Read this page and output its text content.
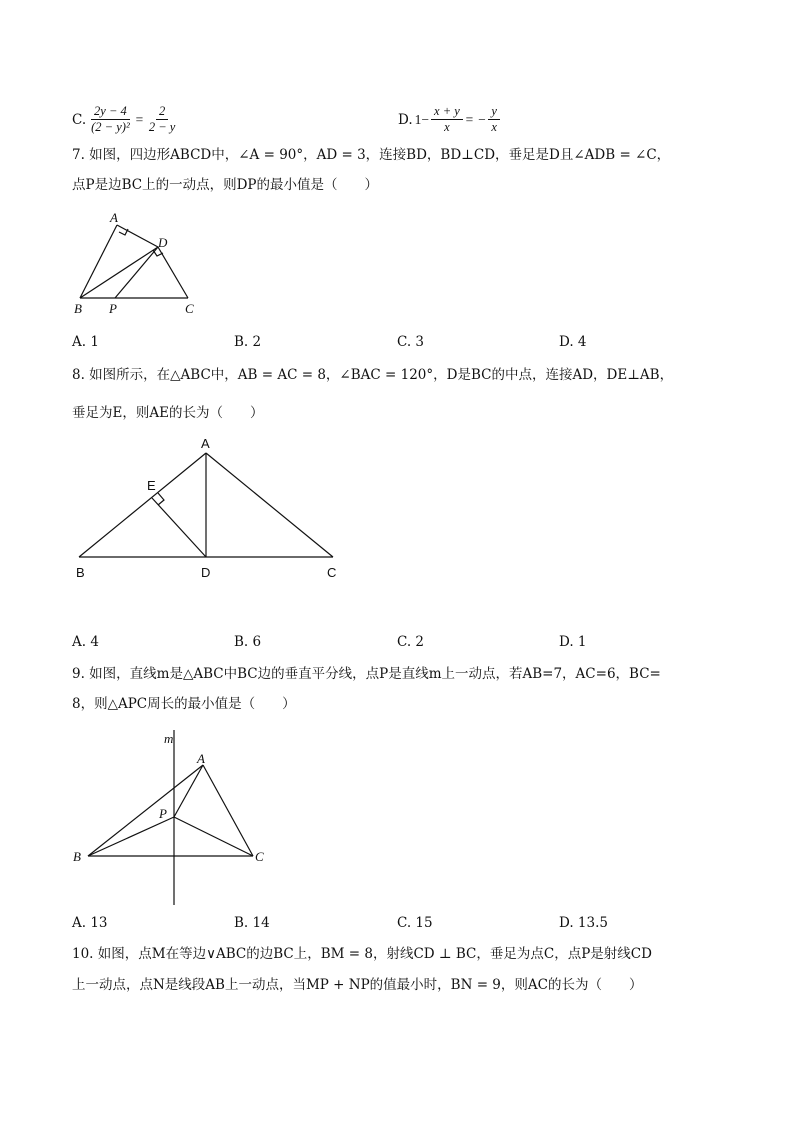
C. $\frac{2y - 4}{\text{(2 − y)²}} = \frac{2}{2 - y}$	D. $1- \frac{x + y}{x}$ = − $\frac{y}{x}$
7. 如图，四边形ABCD中，∠A = 90°，AD = 3，连接BD，BD⊥CD，垂足是D且∠ADB = ∠C，
点P是边BC上的一动点，则DP的最小值是（　　）
A
D
B P	C
A. 1	B. 2	C. 3	D. 4
8. 如图所示，在△ABC中，AB = AC = 8，∠BAC = 120°，D是BC的中点，连接AD，DE⊥AB，
垂足为E，则AE的长为（　　）
A
E
B	D	C
A. 4	B. 6	C. 2	D. 1
9. 如图，直线m是△ABC中BC边的垂直平分线，点P是直线m上一动点，若AB=7，AC=6，BC=
8，则△APC周长的最小值是（　　）
m
A
P
B	C
A. 13	B. 14	C. 15	D. 13.5
10. 如图，点M在等边∨ABC的边BC上，BM = 8，射线CD ⊥ BC，垂足为点C，点P是射线CD
上一动点，点N是线段AB上一动点，当MP + NP的值最小时，BN = 9，则AC的长为（　　）
